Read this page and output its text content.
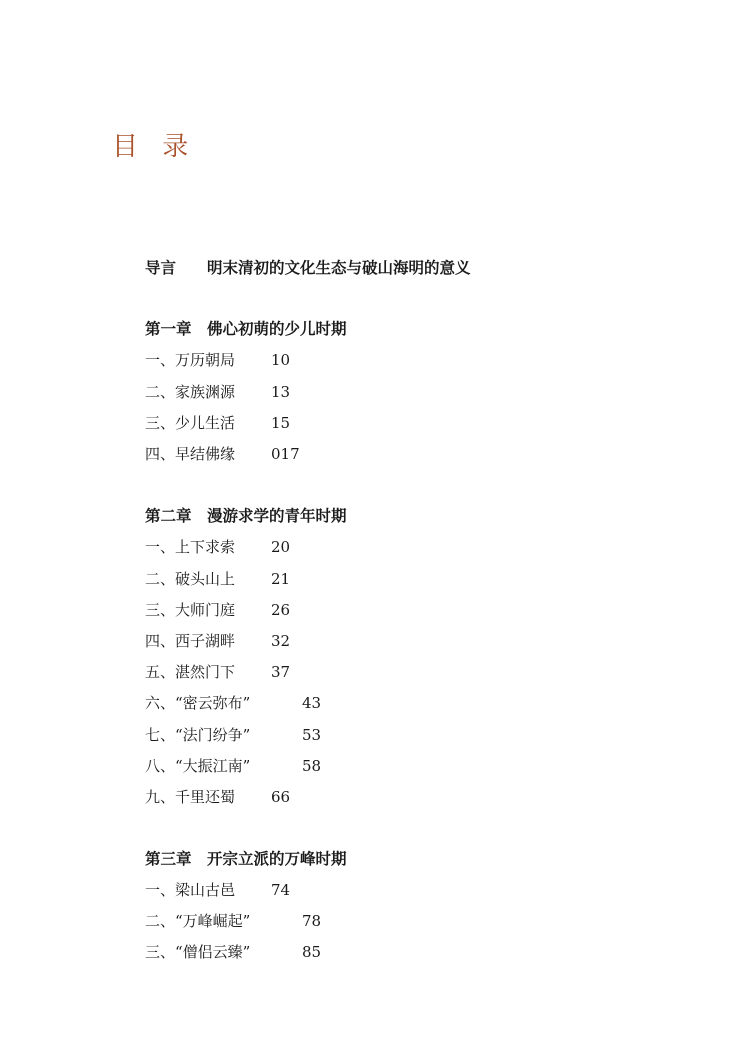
目 录
导言 明末清初的文化生态与破山海明的意义
第一章 佛心初萌的少儿时期
一、万历朝局 10
二、家族渊源 13
三、少儿生活 15
四、早结佛缘 017
第二章 漫游求学的青年时期
一、上下求索 20
二、破头山上 21
三、大师门庭 26
四、西子湖畔 32
五、湛然门下 37
六、“密云弥布”	43
七、“法门纷争”	53
八、“大振江南”	58
九、千里还蜀 66
第三章 开宗立派的万峰时期
一、梁山古邑 74
二、“万峰崛起”	78
三、“僧侣云臻”	85
